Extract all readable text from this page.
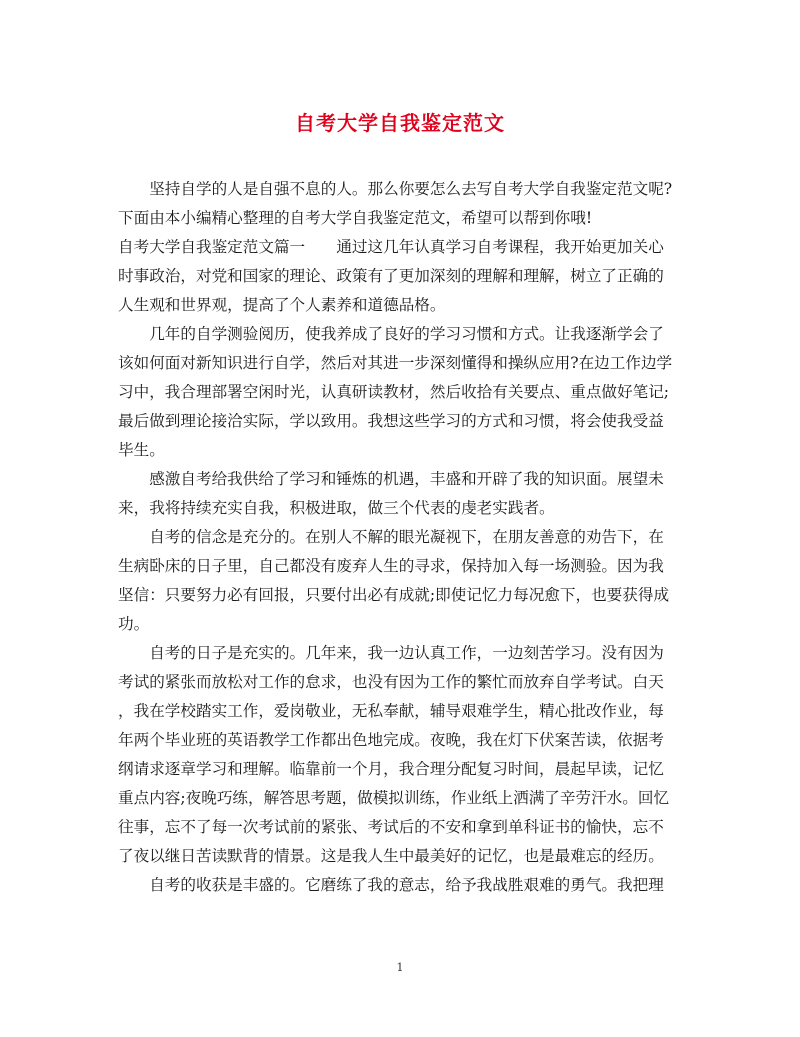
自考大学自我鉴定范文
　　坚持自学的人是自强不息的人。那么你要怎么去写自考大学自我鉴定范文呢?
下面由本小编精心整理的自考大学自我鉴定范文，希望可以帮到你哦!
自考大学自我鉴定范文篇一　　通过这几年认真学习自考课程，我开始更加关心
时事政治，对党和国家的理论、政策有了更加深刻的理解和理解，树立了正确的
人生观和世界观，提高了个人素养和道德品格。
　　几年的自学测验阅历，使我养成了良好的学习习惯和方式。让我逐渐学会了
该如何面对新知识进行自学，然后对其进一步深刻懂得和操纵应用?在边工作边学
习中，我合理部署空闲时光，认真研读教材，然后收拾有关要点、重点做好笔记;
最后做到理论接洽实际，学以致用。我想这些学习的方式和习惯，将会使我受益
毕生。
　　感激自考给我供给了学习和锤炼的机遇，丰盛和开辟了我的知识面。展望未
来，我将持续充实自我，积极进取，做三个代表的虔老实践者。
　　自考的信念是充分的。在别人不解的眼光凝视下，在朋友善意的劝告下，在
生病卧床的日子里，自己都没有废弃人生的寻求，保持加入每一场测验。因为我
坚信：只要努力必有回报，只要付出必有成就;即使记忆力每况愈下，也要获得成
功。
　　自考的日子是充实的。几年来，我一边认真工作，一边刻苦学习。没有因为
考试的紧张而放松对工作的怠求，也没有因为工作的繁忙而放弃自学考试。白天
，我在学校踏实工作，爱岗敬业，无私奉献，辅导艰难学生，精心批改作业，每
年两个毕业班的英语教学工作都出色地完成。夜晚，我在灯下伏案苦读，依据考
纲请求逐章学习和理解。临靠前一个月，我合理分配复习时间，晨起早读，记忆
重点内容;夜晚巧练，解答思考题，做模拟训练，作业纸上洒满了辛劳汗水。回忆
往事，忘不了每一次考试前的紧张、考试后的不安和拿到单科证书的愉快，忘不
了夜以继日苦读默背的情景。这是我人生中最美好的记忆，也是最难忘的经历。
　　自考的收获是丰盛的。它磨练了我的意志，给予我战胜艰难的勇气。我把理
1
